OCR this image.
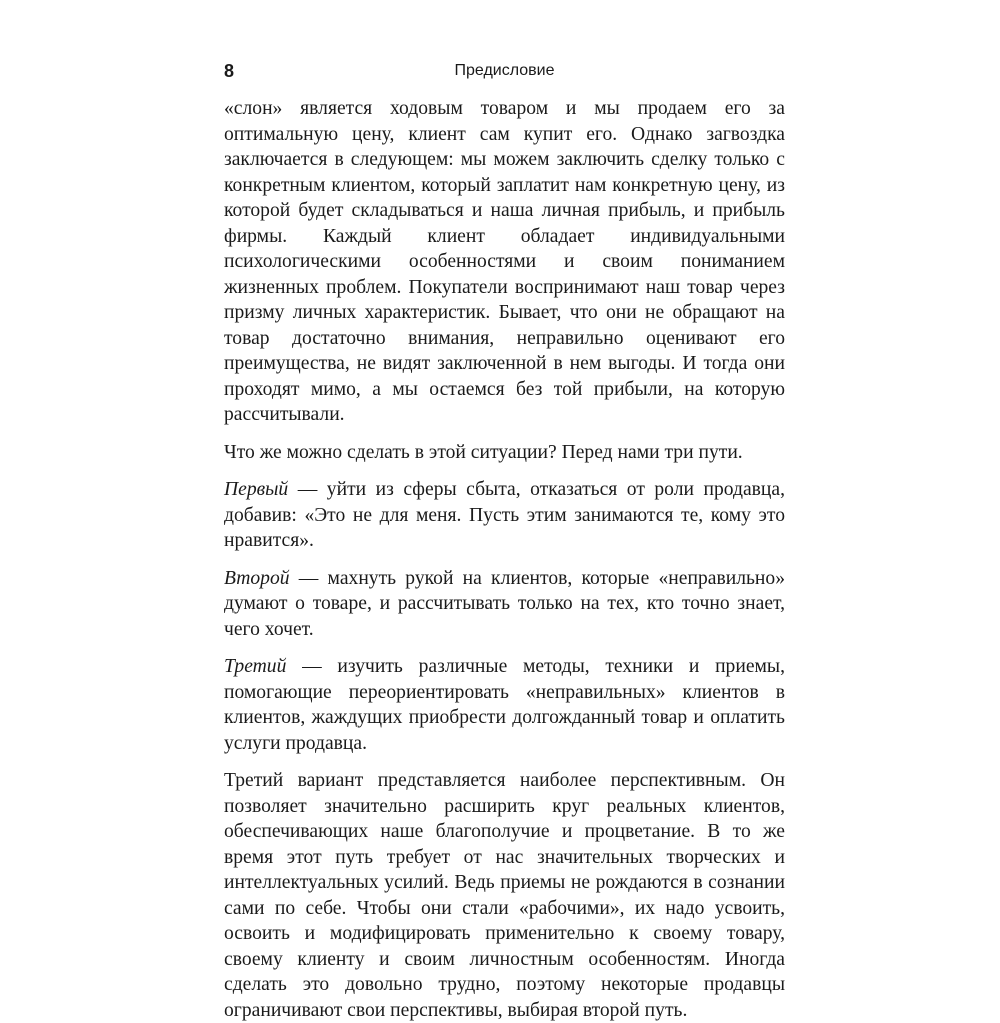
8	Предисловие

«слон» является ходовым товаром и мы продаем его за оптимальную цену, клиент сам купит его. Однако загвоздка заключается в следующем: мы можем заключить сделку только с конкретным клиентом, который заплатит нам конкретную цену, из которой будет складываться и наша личная прибыль, и прибыль фирмы. Каждый клиент обладает индивидуальными психологическими особенностями и своим пониманием жизненных проблем. Покупатели воспринимают наш товар через призму личных характеристик. Бывает, что они не обращают на товар достаточно внимания, неправильно оценивают его преимущества, не видят заключенной в нем выгоды. И тогда они проходят мимо, а мы остаемся без той прибыли, на которую рассчитывали.

Что же можно сделать в этой ситуации? Перед нами три пути.

Первый — уйти из сферы сбыта, отказаться от роли продавца, добавив: «Это не для меня. Пусть этим занимаются те, кому это нравится».

Второй — махнуть рукой на клиентов, которые «неправильно» думают о товаре, и рассчитывать только на тех, кто точно знает, чего хочет.

Третий — изучить различные методы, техники и приемы, помогающие переориентировать «неправильных» клиентов в клиентов, жаждущих приобрести долгожданный товар и оплатить услуги продавца.

Третий вариант представляется наиболее перспективным. Он позволяет значительно расширить круг реальных клиентов, обеспечивающих наше благополучие и процветание. В то же время этот путь требует от нас значительных творческих и интеллектуальных усилий. Ведь приемы не рождаются в сознании сами по себе. Чтобы они стали «рабочими», их надо усвоить, освоить и модифицировать применительно к своему товару, своему клиенту и своим личностным особенностям. Иногда сделать это довольно трудно, поэтому некоторые продавцы ограничивают свои перспективы, выбирая второй путь.
